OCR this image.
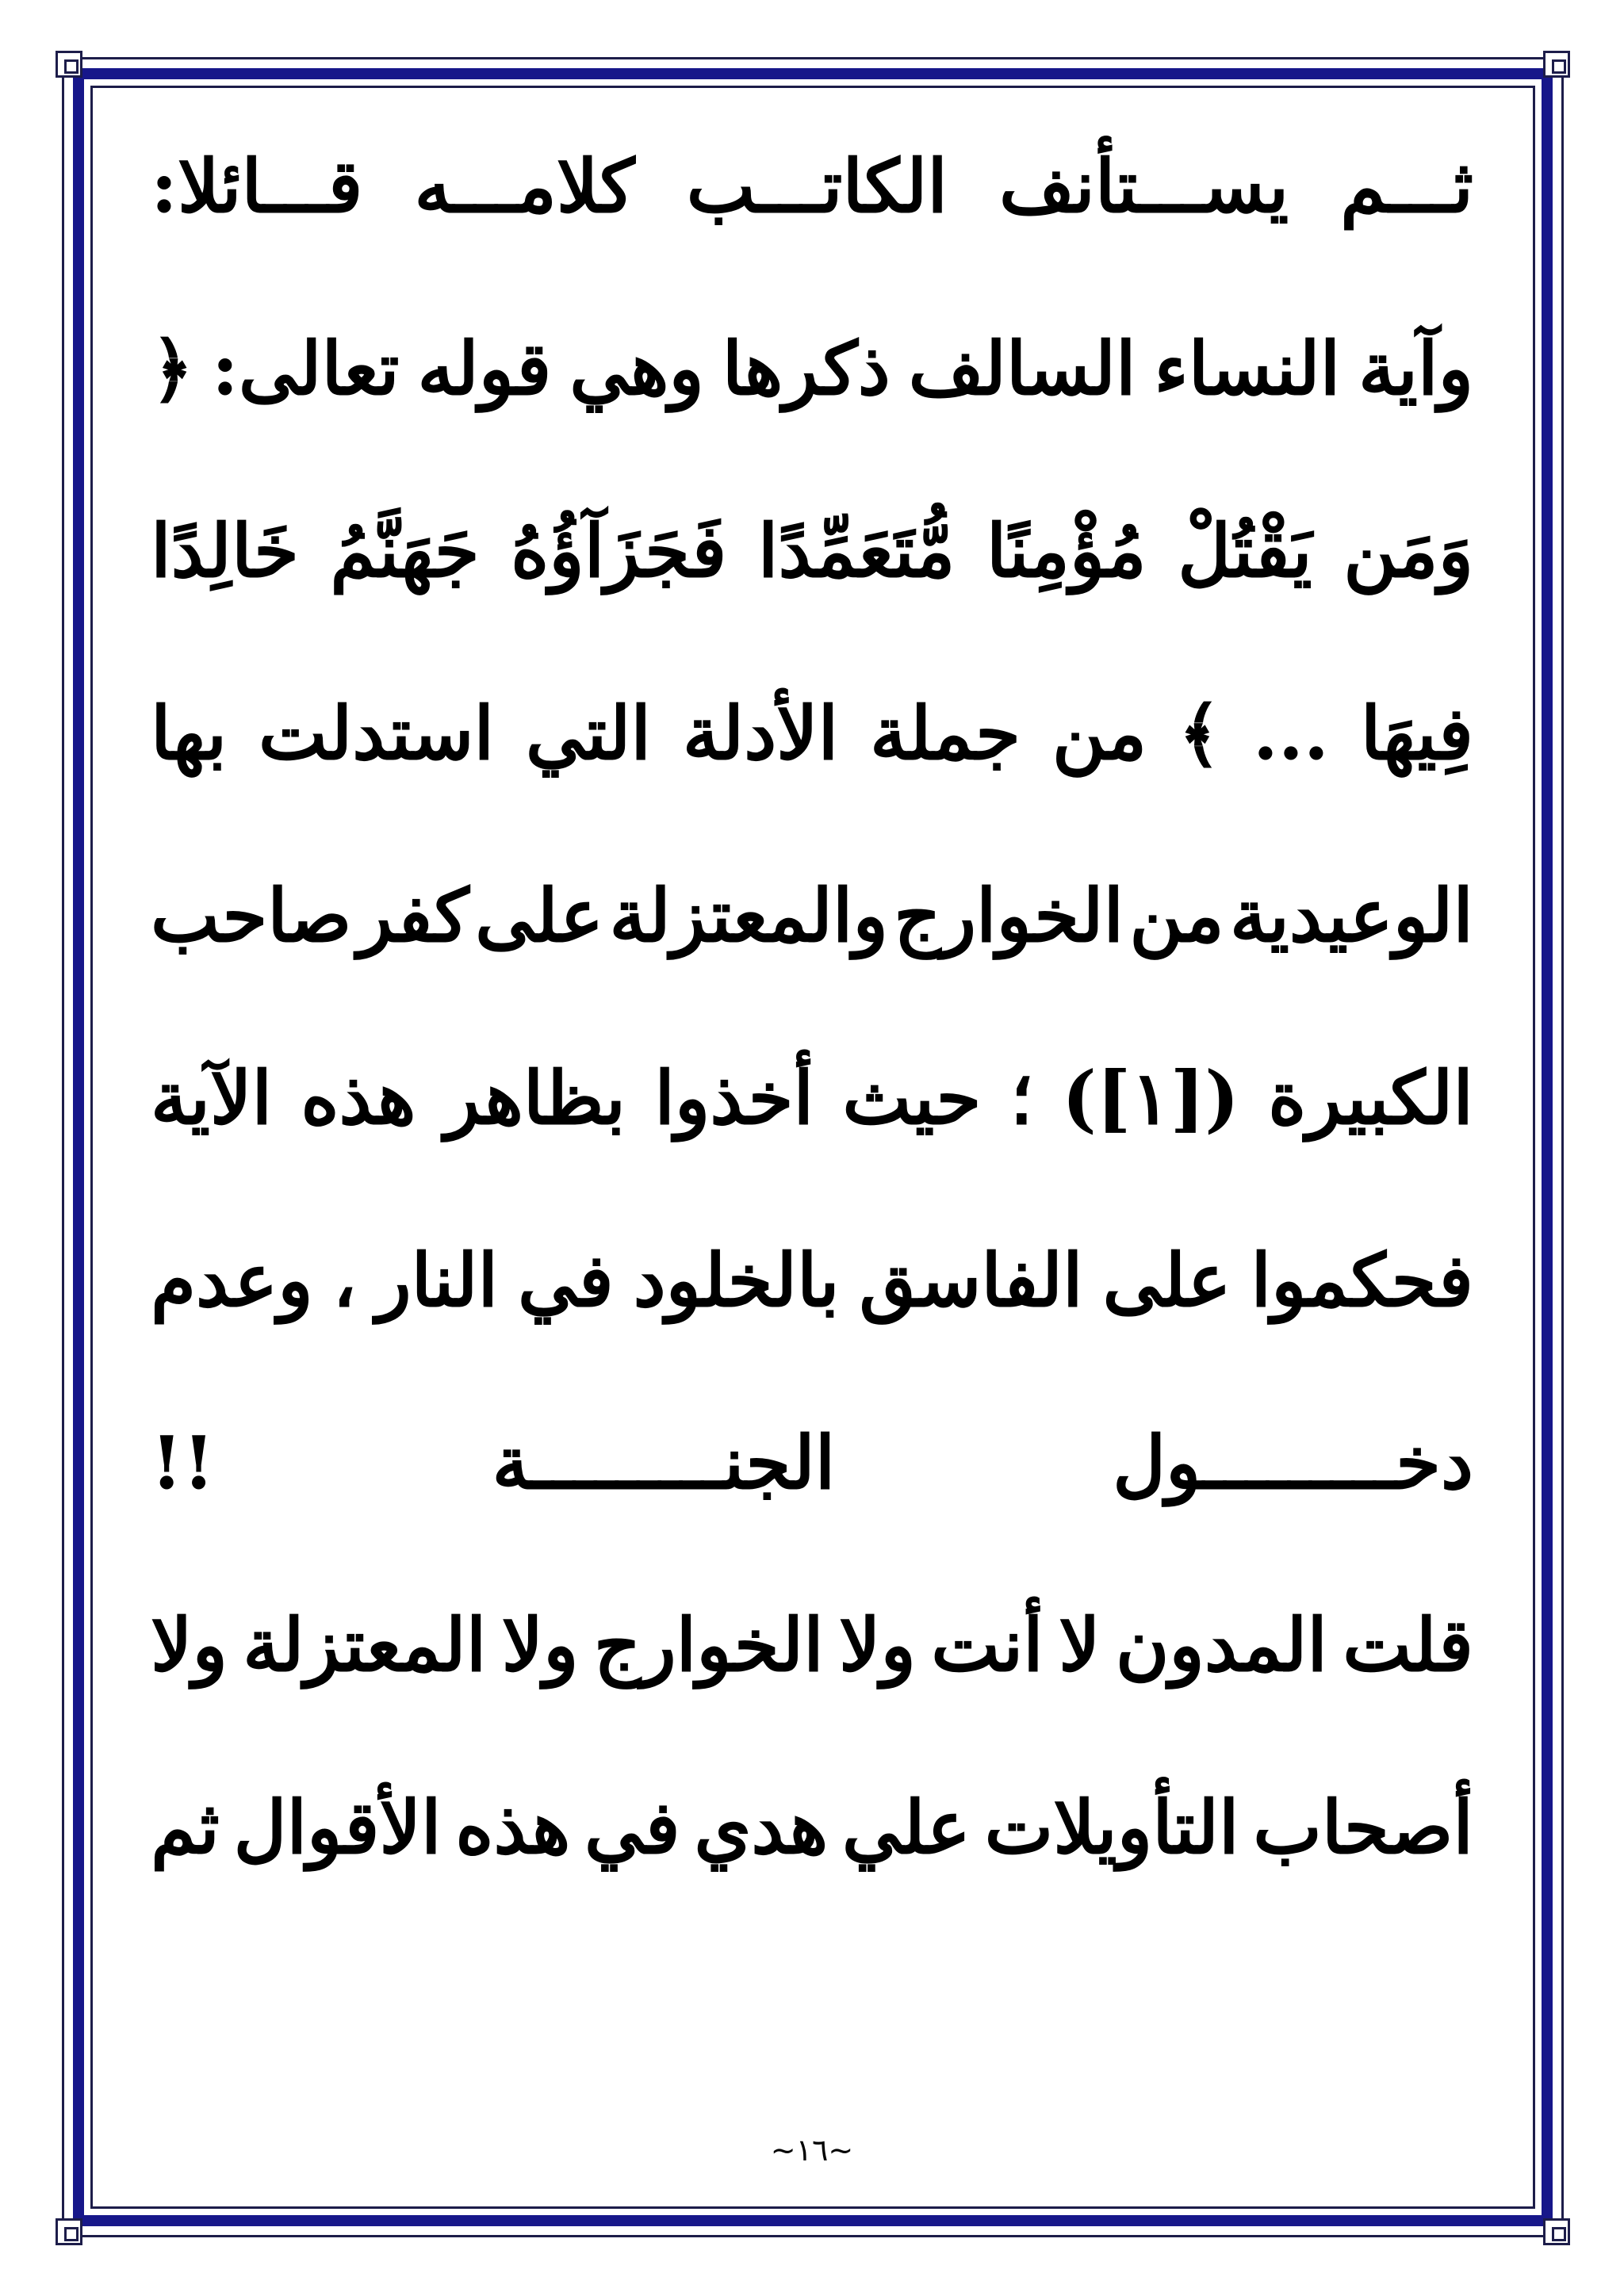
ثـــم
يســـتأنف
الكاتـــب
كلامـــه
قـــائلا:
وآية
النساء
السالف
ذكرها
وهي
قوله
تعالى:
﴿
وَمَن
يَقْتُلْ
مُؤْمِنًا
مُّتَعَمِّدًا
فَجَزَآؤُهُ
جَهَنَّمُ
خَالِدًا
فِيهَا
...
﴾
من
جملة
الأدلة
التي
استدلت
بها
الوعيدية
من
الخوارج
والمعتزلة
على
كفر
صاحب
الكبيرة
([١])
؛
حيث
أخذوا
بظاهر
هذه
الآية
فحكموا
على
الفاسق
بالخلود
في
النار
،
وعدم
دخـــــــــول
الجنـــــــــة
!!
قلت
المدون
لا
أنت
ولا
الخوارج
ولا
المعتزلة
ولا
أصحاب
التأويلات
علي
هدي
في
هذه
الأقوال
ثم
~١٦~
